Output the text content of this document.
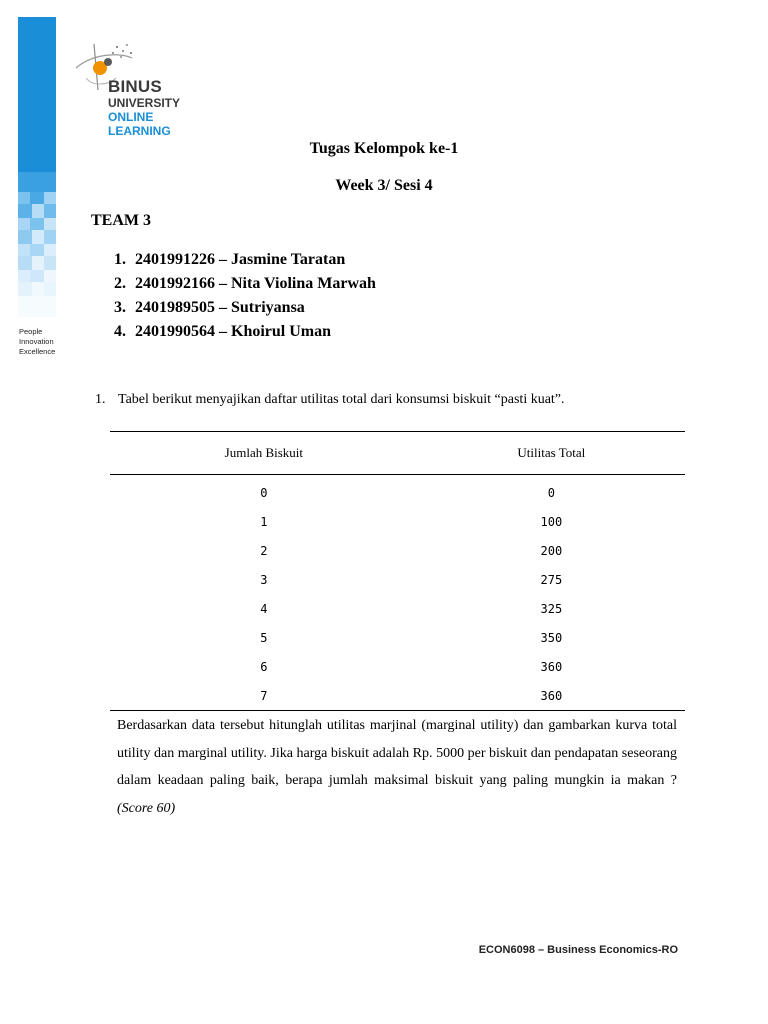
People
Innovation
Excellence
BINUS
UNIVERSITY
ONLINE
LEARNING
Tugas Kelompok ke-1
Week 3/ Sesi 4
TEAM 3
1. 2401991226 – Jasmine Taratan
2. 2401992166 – Nita Violina Marwah
3. 2401989505 – Sutriyansa
4. 2401990564 – Khoirul Uman
1. Tabel berikut menyajikan daftar utilitas total dari konsumsi biskuit “pasti kuat”.
Jumlah Biskuit	Utilitas Total
0	0
1	100
2	200
3	275
4	325
5	350
6	360
7	360

Berdasarkan data tersebut hitunglah utilitas marjinal (marginal utility) dan gambarkan kurva total utility dan marginal utility. Jika harga biskuit adalah Rp. 5000 per biskuit dan pendapatan seseorang dalam keadaan paling baik, berapa jumlah maksimal biskuit yang paling mungkin ia makan ? (Score 60)

ECON6098 – Business Economics-RO
